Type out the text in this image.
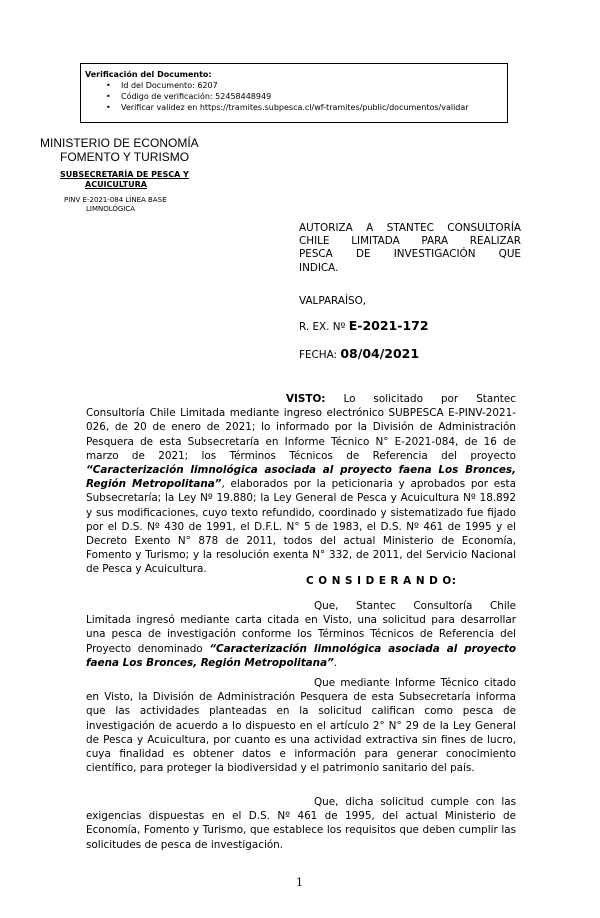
Verificación del Documento:
• Id del Documento: 6207
• Código de verificación: 52458448949
• Verificar validez en https://tramites.subpesca.cl/wf-tramites/public/documentos/validar
MINISTERIO DE ECONOMÍA
FOMENTO Y TURISMO
SUBSECRETARÍA DE PESCA Y
ACUICULTURA
PINV E-2021-084 LÍNEA BASE
LIMNOLÓGICA
AUTORIZA A STANTEC CONSULTORÍA
CHILE LIMITADA PARA REALIZAR
PESCA DE INVESTIGACIÓN QUE
INDICA.
VALPARAÍSO,
R. EX. Nº E-2021-172
FECHA: 08/04/2021
VISTO: Lo solicitado por Stantec Consultoría Chile Limitada mediante ingreso electrónico SUBPESCA E-PINV-2021-026, de 20 de enero de 2021; lo informado por la División de Administración Pesquera de esta Subsecretaría en Informe Técnico N° E-2021-084, de 16 de marzo de 2021; los Términos Técnicos de Referencia del proyecto “Caracterización limnológica asociada al proyecto faena Los Bronces, Región Metropolitana”, elaborados por la peticionaria y aprobados por esta Subsecretaría; la Ley Nº 19.880; la Ley General de Pesca y Acuicultura Nº 18.892 y sus modificaciones, cuyo texto refundido, coordinado y sistematizado fue fijado por el D.S. Nº 430 de 1991, el D.F.L. N° 5 de 1983, el D.S. Nº 461 de 1995 y el Decreto Exento N° 878 de 2011, todos del actual Ministerio de Economía, Fomento y Turismo; y la resolución exenta N° 332, de 2011, del Servicio Nacional de Pesca y Acuicultura.
C O N S I D E R A N D O:
Que, Stantec Consultoría Chile Limitada ingresó mediante carta citada en Visto, una solicitud para desarrollar una pesca de investigación conforme los Términos Técnicos de Referencia del Proyecto denominado “Caracterización limnológica asociada al proyecto faena Los Bronces, Región Metropolitana”.
Que mediante Informe Técnico citado en Visto, la División de Administración Pesquera de esta Subsecretaría informa que las actividades planteadas en la solicitud califican como pesca de investigación de acuerdo a lo dispuesto en el artículo 2° N° 29 de la Ley General de Pesca y Acuicultura, por cuanto es una actividad extractiva sin fines de lucro, cuya finalidad es obtener datos e información para generar conocimiento científico, para proteger la biodiversidad y el patrimonio sanitario del país.
Que, dicha solicitud cumple con las exigencias dispuestas en el D.S. Nº 461 de 1995, del actual Ministerio de Economía, Fomento y Turismo, que establece los requisitos que deben cumplir las solicitudes de pesca de investigación.
1
